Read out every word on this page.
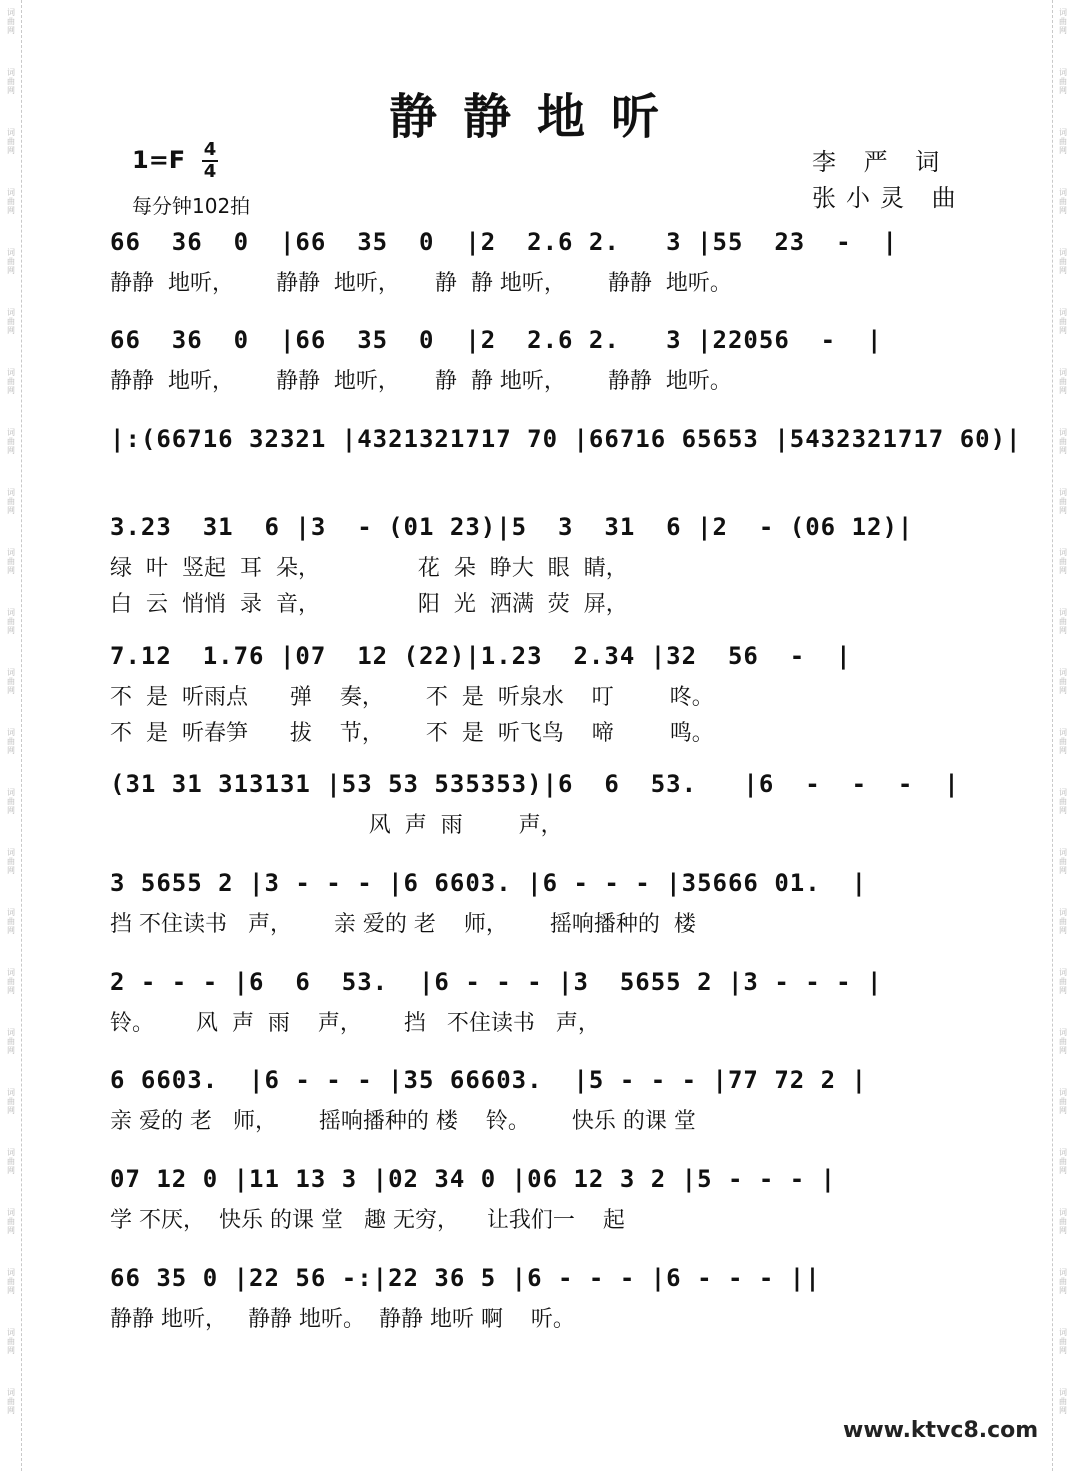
静静地听
$1=F \frac{4}{4}$
每分钟102拍
李 严 词
张小灵 曲
66  36  0  |66  35  0  |2  2.6 2.   3 |55  23  -  |
静静  地听，      静静  地听，     静  静 地听，      静静  地听。
66  36  0  |66  35  0  |2  2.6 2.   3 |22056  -  |
静静  地听，      静静  地听，     静  静 地听，      静静  地听。
|:(66716 32321 |4321321717 70 |66716 65653 |5432321717 60)|
3.23  31  6 |3  - (01 23)|5  3  31  6 |2  - (06 12)|
绿  叶  竖起  耳  朵，              花  朵  睁大  眼  睛，
白  云  悄悄  录  音，              阳  光  洒满  荧  屏，
7.12  1.76 |07  12 (22)|1.23  2.34 |32  56  -  |
不  是  听雨点      弹    奏，      不  是  听泉水    叮        咚。
不  是  听春笋      拔    节，      不  是  听飞鸟    啼        鸣。
(31 31 313131 |53 53 535353)|6  6  53.   |6  -  -  -  |
风  声  雨        声，
3 5655 2 |3 - - - |6 6603. |6 - - - |35666 01.  |
挡 不住读书   声，      亲 爱的 老    师，      摇响播种的  楼
2 - - - |6  6  53.  |6 - - - |3  5655 2 |3 - - - |
铃。      风  声  雨    声，      挡   不住读书   声，
6 6603.  |6 - - - |35 66603.  |5 - - - |77 72 2 |
亲 爱的 老   师，      摇响播种的 楼    铃。      快乐 的课 堂
07 12 0 |11 13 3 |02 34 0 |06 12 3 2 |5 - - - |
学 不厌，  快乐 的课 堂   趣 无穷，    让我们一    起
66 35 0 |22 56 -:|22 36 5 |6 - - - |6 - - - ||
静静 地听，   静静 地听。  静静 地听 啊    听。
www.ktvc8.com
词曲网
词曲网
词曲网
词曲网
词曲网
词曲网
词曲网
词曲网
词曲网
词曲网
词曲网
词曲网
词曲网
词曲网
词曲网
词曲网
词曲网
词曲网
词曲网
词曲网
词曲网
词曲网
词曲网
词曲网
词曲网
词曲网
词曲网
词曲网
词曲网
词曲网
词曲网
词曲网
词曲网
词曲网
词曲网
词曲网
词曲网
词曲网
词曲网
词曲网
词曲网
词曲网
词曲网
词曲网
词曲网
词曲网
词曲网
词曲网
